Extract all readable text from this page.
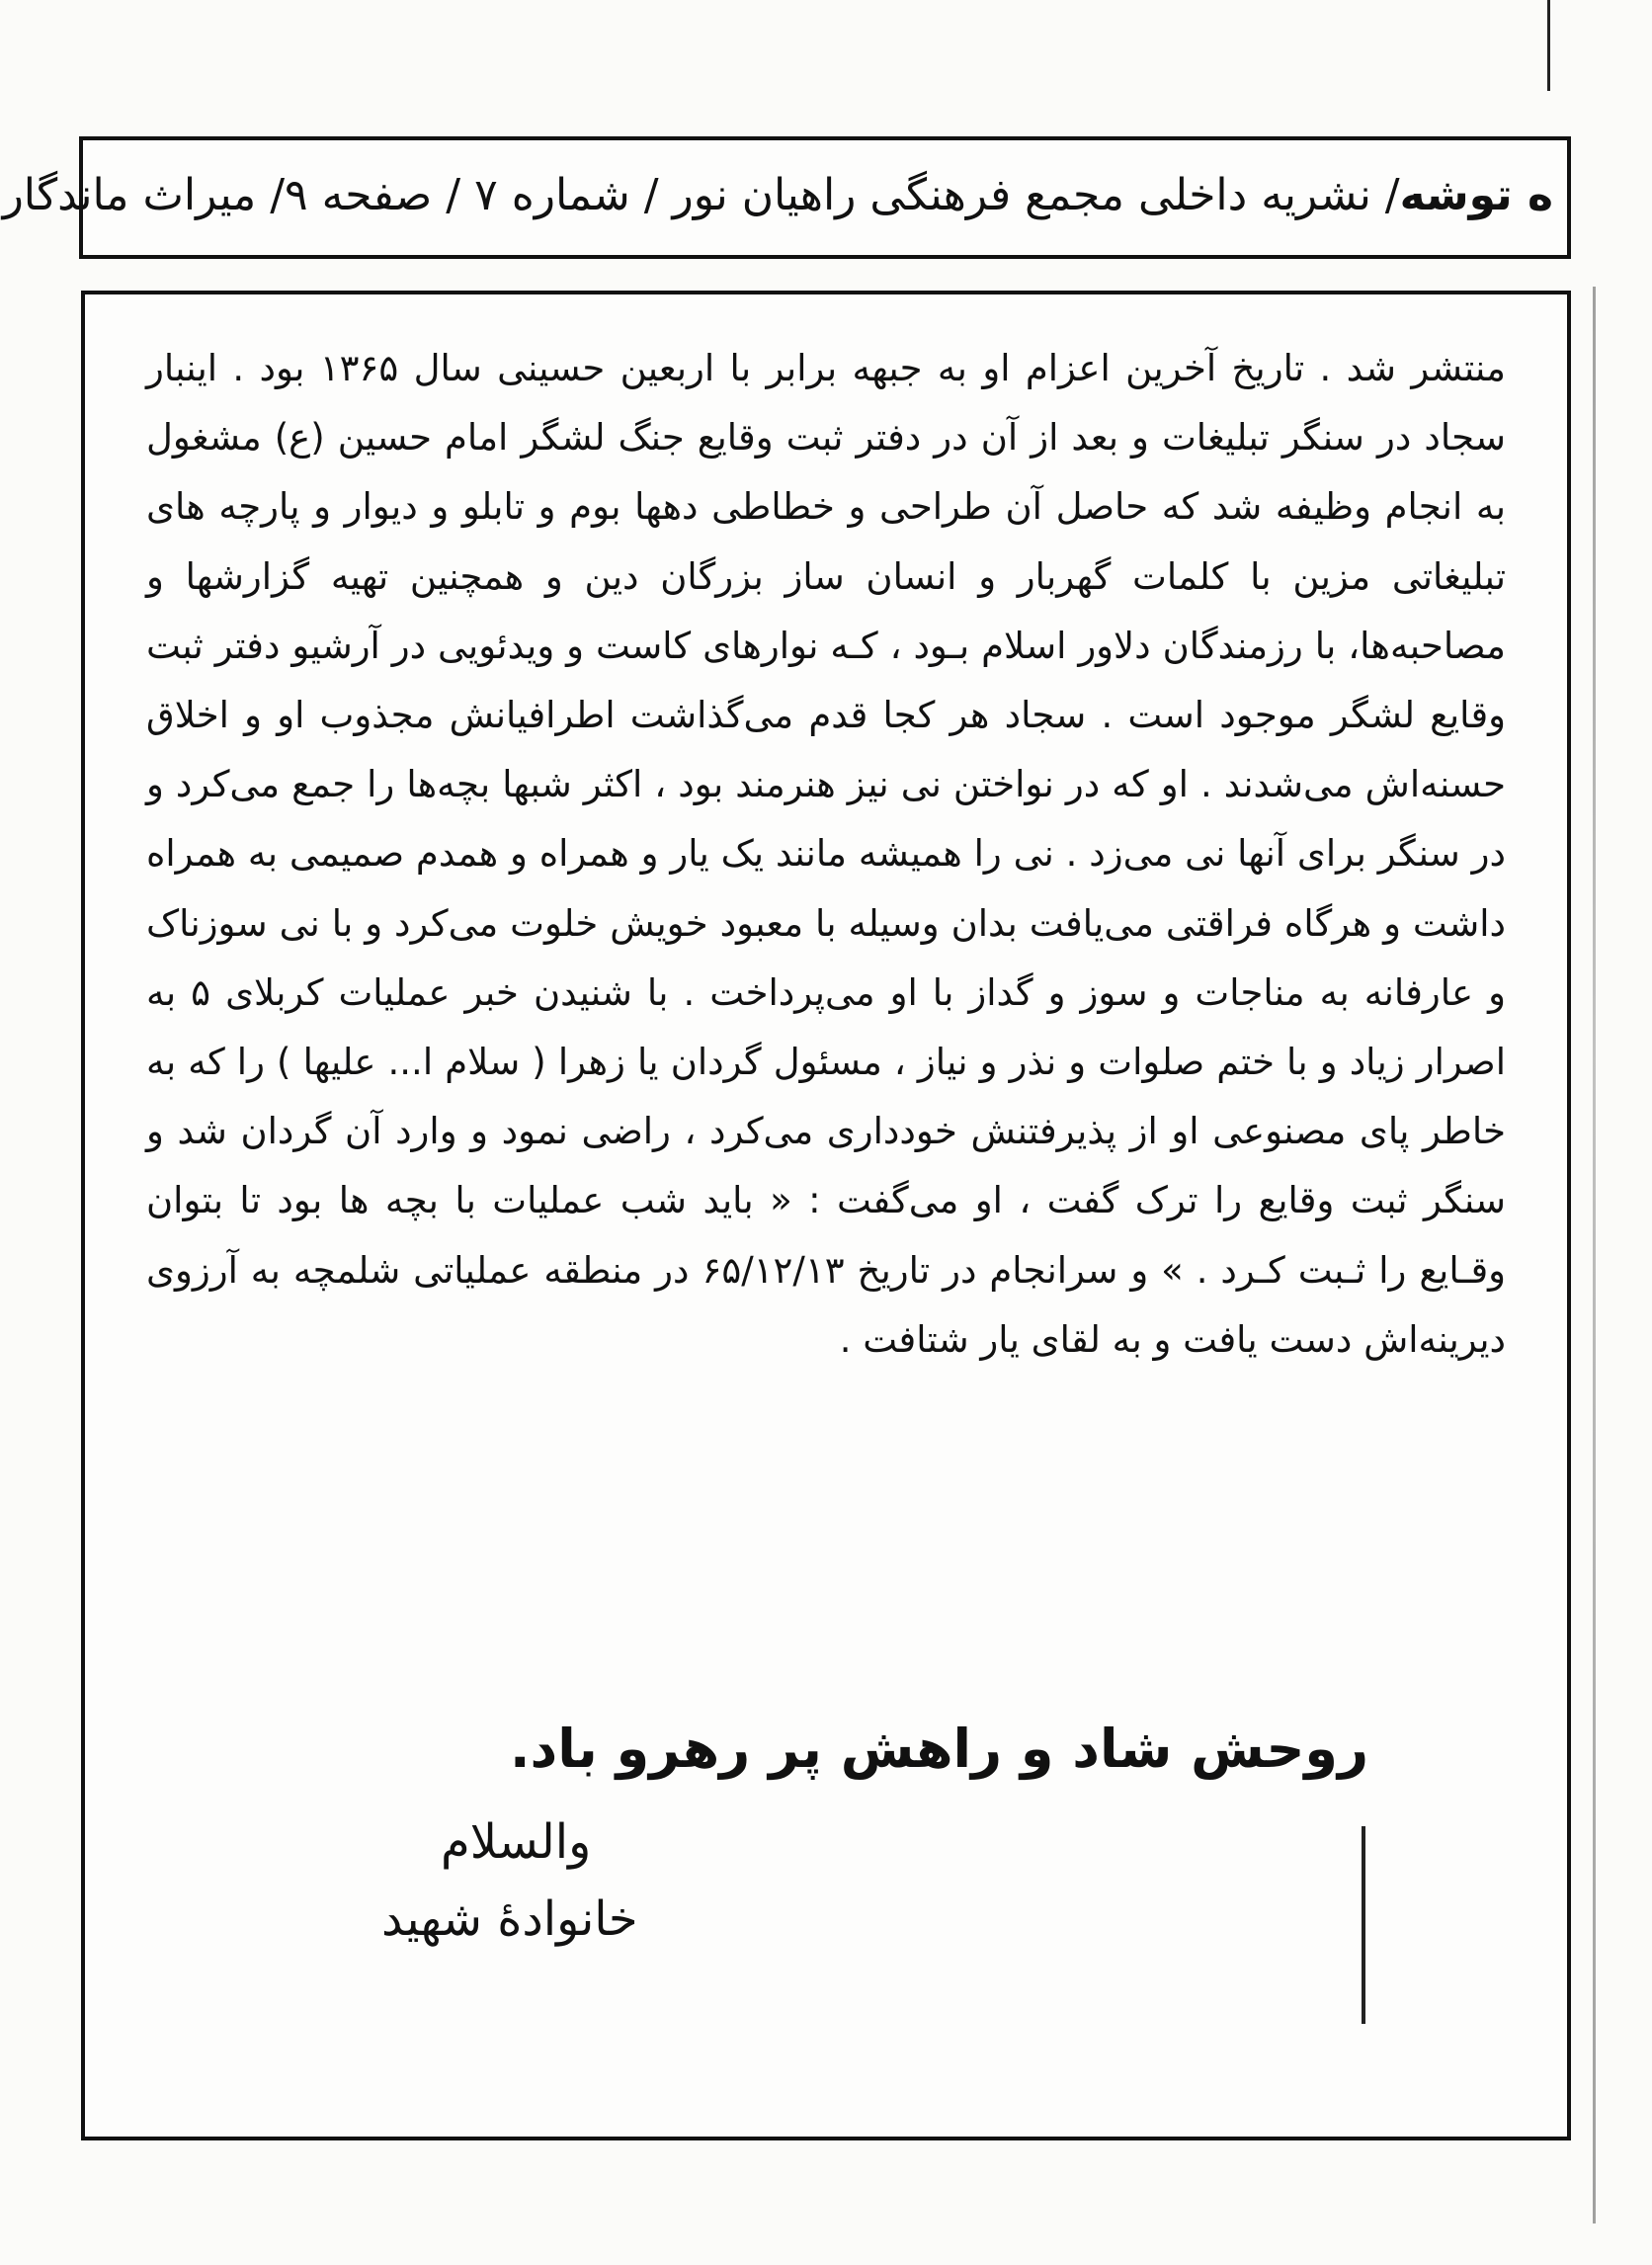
ه توشه/ نشریه داخلی مجمع فرهنگی راهیان نور / شماره ۷ / صفحه ۹/ میراث ماندگار

منتشر شد . تاریخ آخرین اعزام او به جبهه برابر با اربعین حسینی سال ۱۳۶۵ بود . اینبار سجاد در سنگر تبلیغات و بعد از آن در دفتر ثبت وقایع جنگ لشگر امام حسین (ع) مشغول به انجام وظیفه شد که حاصل آن طراحی و خطاطی دهها بوم و تابلو و دیوار و پارچه های تبلیغاتی مزین با کلمات گهربار و انسان ساز بزرگان دین و همچنین تهیه گزارشها و مصاحبه‌ها، با رزمندگان دلاور اسلام بـود ، کـه نوارهای کاست و ویدئویی در آرشیو دفتر ثبت وقایع لشگر موجود است . سجاد هر کجا قدم می‌گذاشت اطرافیانش مجذوب او و اخلاق حسنه‌اش می‌شدند . او که در نواختن نی نیز هنرمند بود ، اکثر شبها بچه‌ها را جمع می‌کرد و در سنگر برای آنها نی می‌زد . نی را همیشه مانند یک یار و همراه و همدم صمیمی به همراه داشت و هرگاه فراقتی می‌یافت بدان وسیله با معبود خویش خلوت می‌کرد و با نی سوزناک و عارفانه به مناجات و سوز و گداز با او می‌پرداخت . با شنیدن خبر عملیات کربلای ۵ به اصرار زیاد و با ختم صلوات و نذر و نیاز ، مسئول گردان یا زهرا ( سلام ا... علیها ) را که به خاطر پای مصنوعی او از پذیرفتنش خودداری می‌کرد ، راضی نمود و وارد آن گردان شد و سنگر ثبت وقایع را ترک گفت ، او می‌گفت : « باید شب عملیات با بچه ها بود تا بتوان وقـایع را ثـبت کـرد . » و سرانجام در تاریخ ۶۵/۱۲/۱۳ در منطقه عملیاتی شلمچه به آرزوی دیرینه‌اش دست یافت و به لقای یار شتافت .

روحش شاد و راهش پر رهرو باد.
والسلام
خانوادۀ شهید
